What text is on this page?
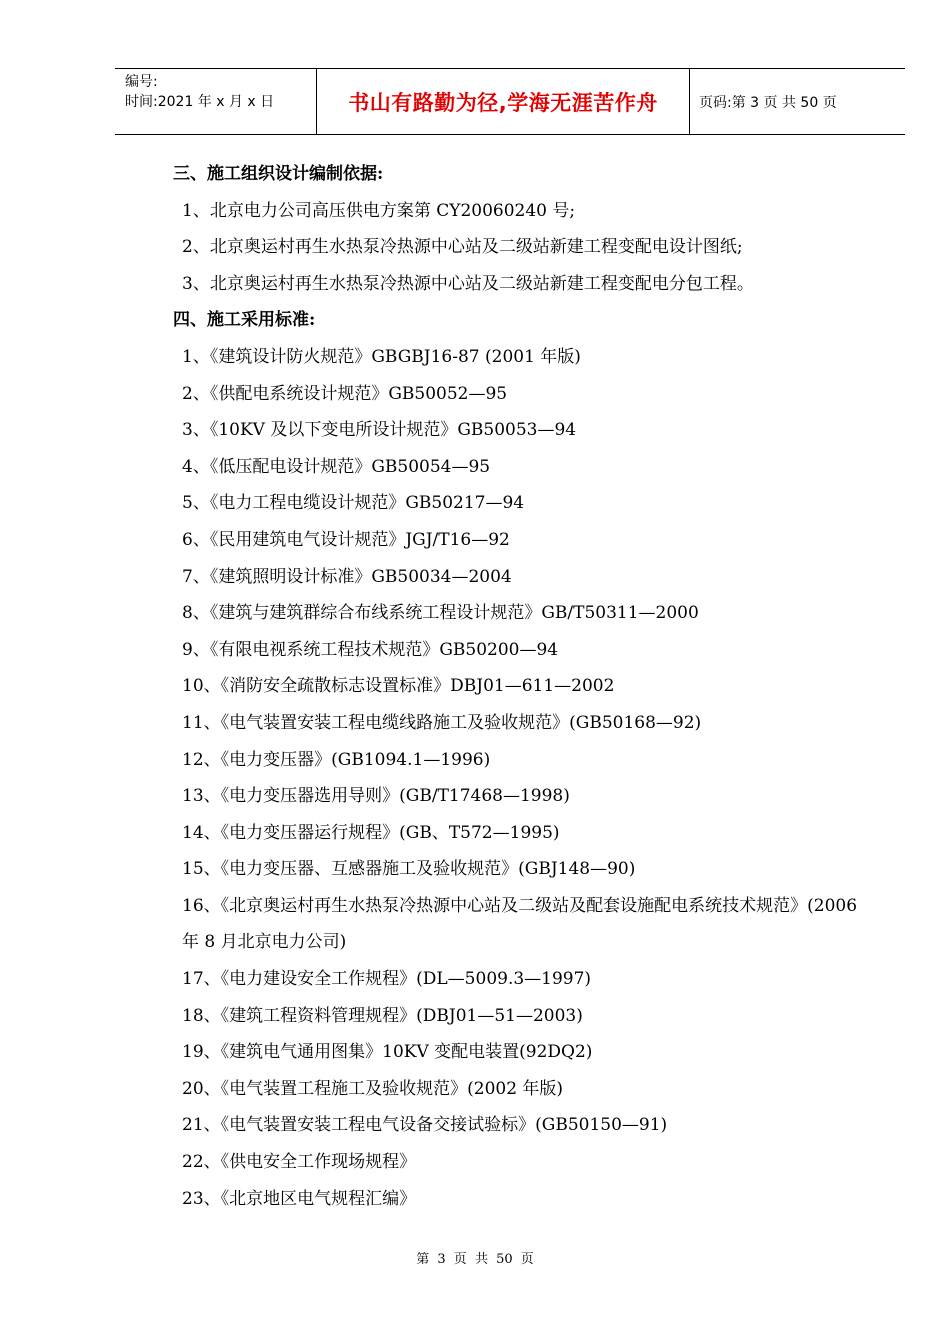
编号:
时间:2021 年 x 月 x 日	书山有路勤为径,学海无涯苦作舟	页码:第 3 页 共 50 页
三、施工组织设计编制依据:
1、北京电力公司高压供电方案第 CY20060240 号;
2、北京奥运村再生水热泵冷热源中心站及二级站新建工程变配电设计图纸;
3、北京奥运村再生水热泵冷热源中心站及二级站新建工程变配电分包工程。
四、施工采用标准:
1、《建筑设计防火规范》GBGBJ16-87 (2001 年版)
2、《供配电系统设计规范》GB50052—95
3、《10KV 及以下变电所设计规范》GB50053—94
4、《低压配电设计规范》GB50054—95
5、《电力工程电缆设计规范》GB50217—94
6、《民用建筑电气设计规范》JGJ/T16—92
7、《建筑照明设计标准》GB50034—2004
8、《建筑与建筑群综合布线系统工程设计规范》GB/T50311—2000
9、《有限电视系统工程技术规范》GB50200—94
10、《消防安全疏散标志设置标准》DBJ01—611—2002
11、《电气装置安装工程电缆线路施工及验收规范》(GB50168—92)
12、《电力变压器》(GB1094.1—1996)
13、《电力变压器选用导则》(GB/T17468—1998)
14、《电力变压器运行规程》(GB、T572—1995)
15、《电力变压器、互感器施工及验收规范》(GBJ148—90)
16、《北京奥运村再生水热泵冷热源中心站及二级站及配套设施配电系统技术规范》(2006 年 8 月北京电力公司)
17、《电力建设安全工作规程》(DL—5009.3—1997)
18、《建筑工程资料管理规程》(DBJ01—51—2003)
19、《建筑电气通用图集》10KV 变配电装置(92DQ2)
20、《电气装置工程施工及验收规范》(2002 年版)
21、《电气装置安装工程电气设备交接试验标》(GB50150—91)
22、《供电安全工作现场规程》
23、《北京地区电气规程汇编》
第 3 页 共 50 页
